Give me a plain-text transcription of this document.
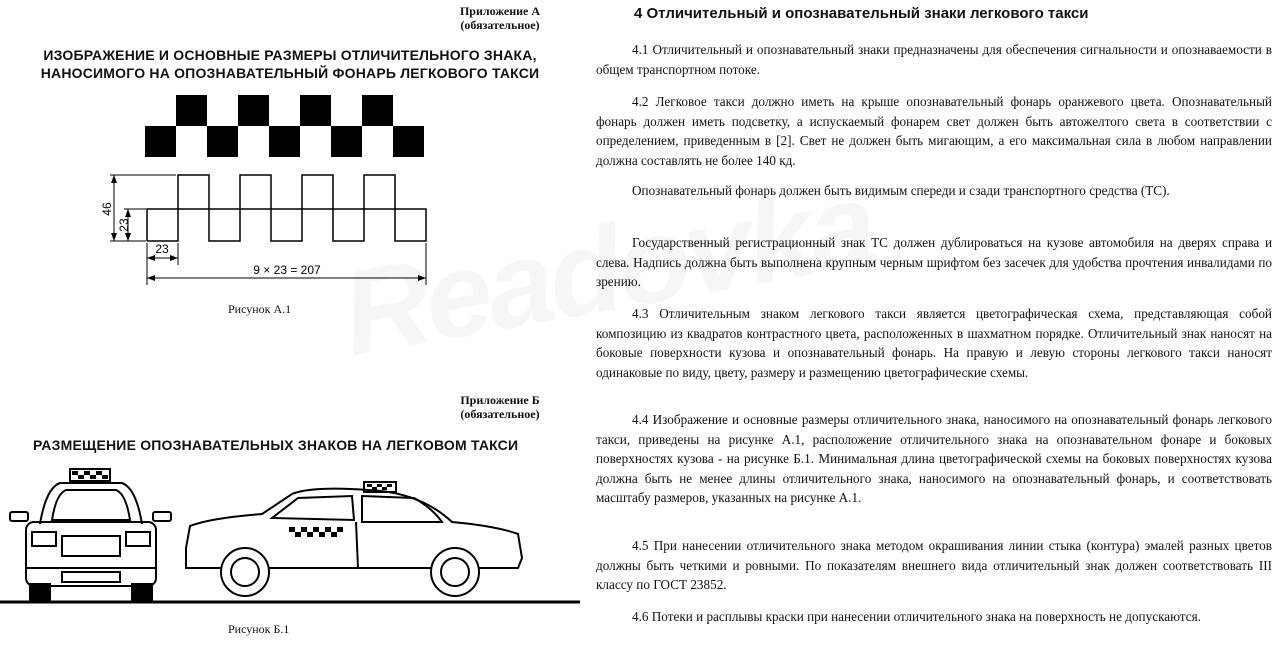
Приложение А
(обязательное)
ИЗОБРАЖЕНИЕ И ОСНОВНЫЕ РАЗМЕРЫ ОТЛИЧИТЕЛЬНОГО ЗНАКА,
НАНОСИМОГО НА ОПОЗНАВАТЕЛЬНЫЙ ФОНАРЬ ЛЕГКОВОГО ТАКСИ
46
23
23
9 × 23 = 207
Рисунок А.1
Приложение Б
(обязательное)
РАЗМЕЩЕНИЕ ОПОЗНАВАТЕЛЬНЫХ ЗНАКОВ НА ЛЕГКОВОМ ТАКСИ
Рисунок Б.1
4 Отличительный и опознавательный знаки легкового такси
4.1 Отличительный и опознавательный знаки предназначены для обеспечения сигнальности и опознаваемости в общем транспортном потоке.
4.2 Легковое такси должно иметь на крыше опознавательный фонарь оранжевого цвета. Опознавательный фонарь должен иметь подсветку, а испускаемый фонарем свет должен быть автожелтого света в соответствии с определением, приведенным в [2]. Свет не должен быть мигающим, а его максимальная сила в любом направлении должна составлять не более 140 кд.
Опознавательный фонарь должен быть видимым спереди и сзади транспортного средства (ТС).
Государственный регистрационный знак ТС должен дублироваться на кузове автомобиля на дверях справа и слева. Надпись должна быть выполнена крупным черным шрифтом без засечек для удобства прочтения инвалидами по зрению.
4.3 Отличительным знаком легкового такси является цветографическая схема, представляющая собой композицию из квадратов контрастного цвета, расположенных в шахматном порядке. Отличительный знак наносят на боковые поверхности кузова и опознавательный фонарь. На правую и левую стороны легкового такси наносят одинаковые по виду, цвету, размеру и размещению цветографические схемы.
4.4 Изображение и основные размеры отличительного знака, наносимого на опознавательный фонарь легкового такси, приведены на рисунке А.1, расположение отличительного знака на опознавательном фонаре и боковых поверхностях кузова - на рисунке Б.1. Минимальная длина цветографической схемы на боковых поверхностях кузова должна быть не менее длины отличительного знака, наносимого на опознавательный фонарь, и соответствовать масштабу размеров, указанных на рисунке А.1.
4.5 При нанесении отличительного знака методом окрашивания линии стыка (контура) эмалей разных цветов должны быть четкими и ровными. По показателям внешнего вида отличительный знак должен соответствовать III классу по ГОСТ 23852.
4.6 Потеки и расплывы краски при нанесении отличительного знака на поверхность не допускаются.
